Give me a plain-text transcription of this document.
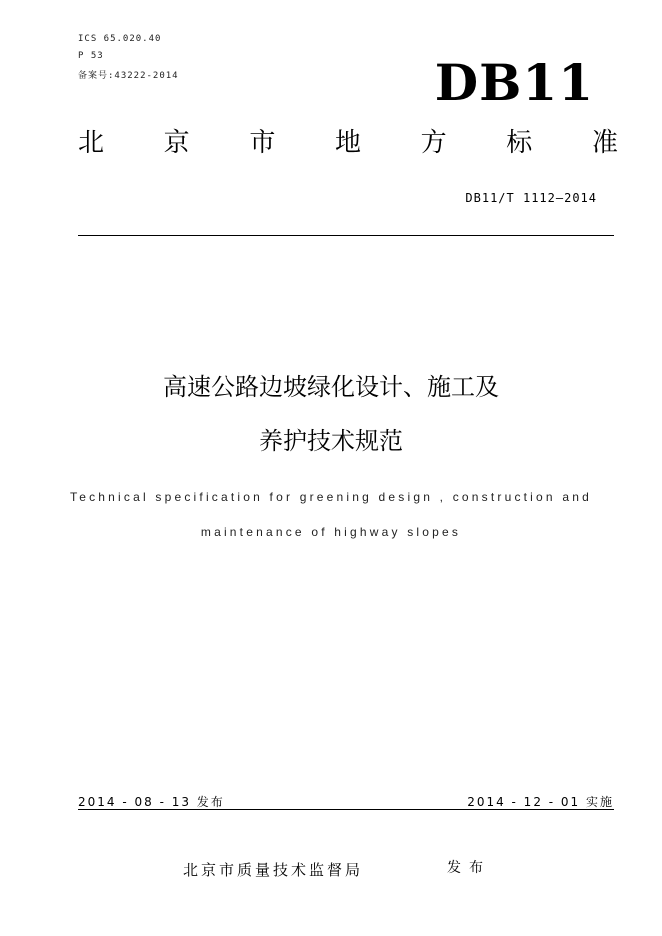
ICS 65.020.40
P 53
备案号:43222-2014	DB11
北 京 市 地 方 标 准
DB11/T 1112—2014
高速公路边坡绿化设计、施工及
养护技术规范
Technical specification for greening design , construction and
maintenance of highway slopes
2014 - 08 - 13 发布	2014 - 12 - 01 实施
北京市质量技术监督局	发布
